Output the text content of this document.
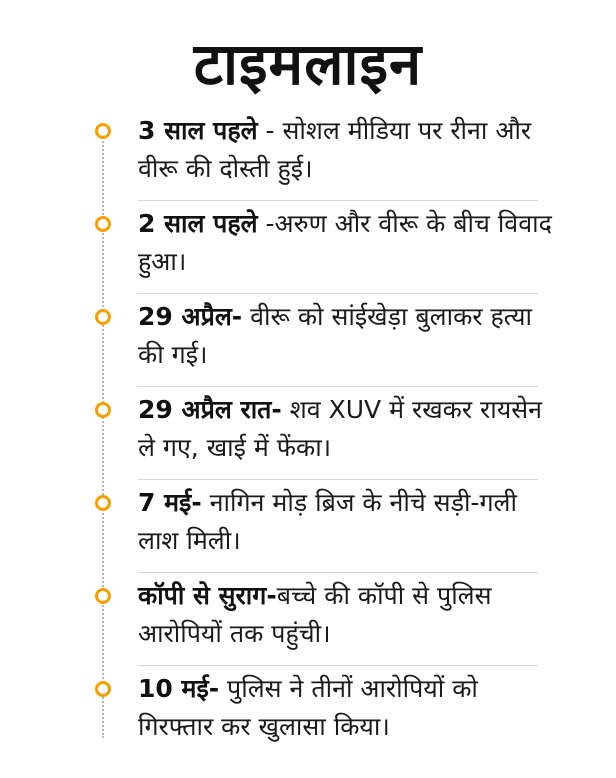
टाइमलाइन
3 साल पहले - सोशल मीडिया पर रीना और वीरू की दोस्ती हुई।
2 साल पहले -अरुण और वीरू के बीच विवाद हुआ।
29 अप्रैल- वीरू को सांईखेड़ा बुलाकर हत्या की गई।
29 अप्रैल रात- शव XUV में रखकर रायसेन ले गए, खाई में फेंका।
7 मई- नागिन मोड़ ब्रिज के नीचे सड़ी-गली लाश मिली।
कॉपी से सुराग-बच्चे की कॉपी से पुलिस आरोपियों तक पहुंची।
10 मई- पुलिस ने तीनों आरोपियों को गिरफ्तार कर खुलासा किया।
